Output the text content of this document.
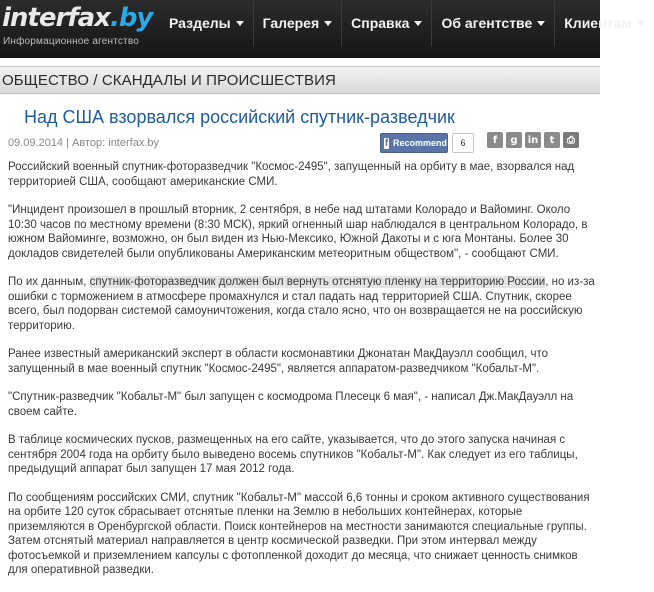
interfax.by
Информационное агентство
Разделы Галерея Справка Об агентстве Клиентам
ОБЩЕСТВО / СКАНДАЛЫ И ПРОИСШЕСТВИЯ
Над США взорвался российский спутник-разведчик
09.09.2014 | Автор: interfax.by	f Recommend	6	f	g	in	t	⎙

Российский военный спутник-фоторазведчик "Космос-2495", запущенный на орбиту в мае, взорвался над территорией США, сообщают американские СМИ.

"Инцидент произошел в прошлый вторник, 2 сентября, в небе над штатами Колорадо и Вайоминг. Около 10:30 часов по местному времени (8:30 МСК), яркий огненный шар наблюдался в центральном Колорадо, в южном Вайоминге, возможно, он был виден из Нью-Мексико, Южной Дакоты и с юга Монтаны. Более 30 докладов свидетелей были опубликованы Американским метеоритным обществом", - сообщают СМИ.

По их данным, спутник-фоторазведчик должен был вернуть отснятую пленку на территорию России, но из-за ошибки с торможением в атмосфере промахнулся и стал падать над территорией США. Спутник, скорее всего, был подорван системой самоуничтожения, когда стало ясно, что он возвращается не на российскую территорию.

Ранее известный американский эксперт в области космонавтики Джонатан МакДауэлл сообщил, что запущенный в мае военный спутник "Космос-2495", является аппаратом-разведчиком "Кобальт-М".

"Спутник-разведчик "Кобальт-М" был запущен с космодрома Плесецк 6 мая", - написал Дж.МакДауэлл на своем сайте.

В таблице космических пусков, размещенных на его сайте, указывается, что до этого запуска начиная с сентября 2004 года на орбиту было выведено восемь спутников "Кобальт-М". Как следует из его таблицы, предыдущий аппарат был запущен 17 мая 2012 года.

По сообщениям российских СМИ, спутник "Кобальт-М" массой 6,6 тонны и сроком активного существования на орбите 120 суток сбрасывает отснятые пленки на Землю в небольших контейнерах, которые приземляются в Оренбургской области. Поиск контейнеров на местности занимаются специальные группы. Затем отснятый материал направляется в центр космической разведки. При этом интервал между фотосъемкой и приземлением капсулы с фотопленкой доходит до месяца, что снижает ценность снимков для оперативной разведки.
